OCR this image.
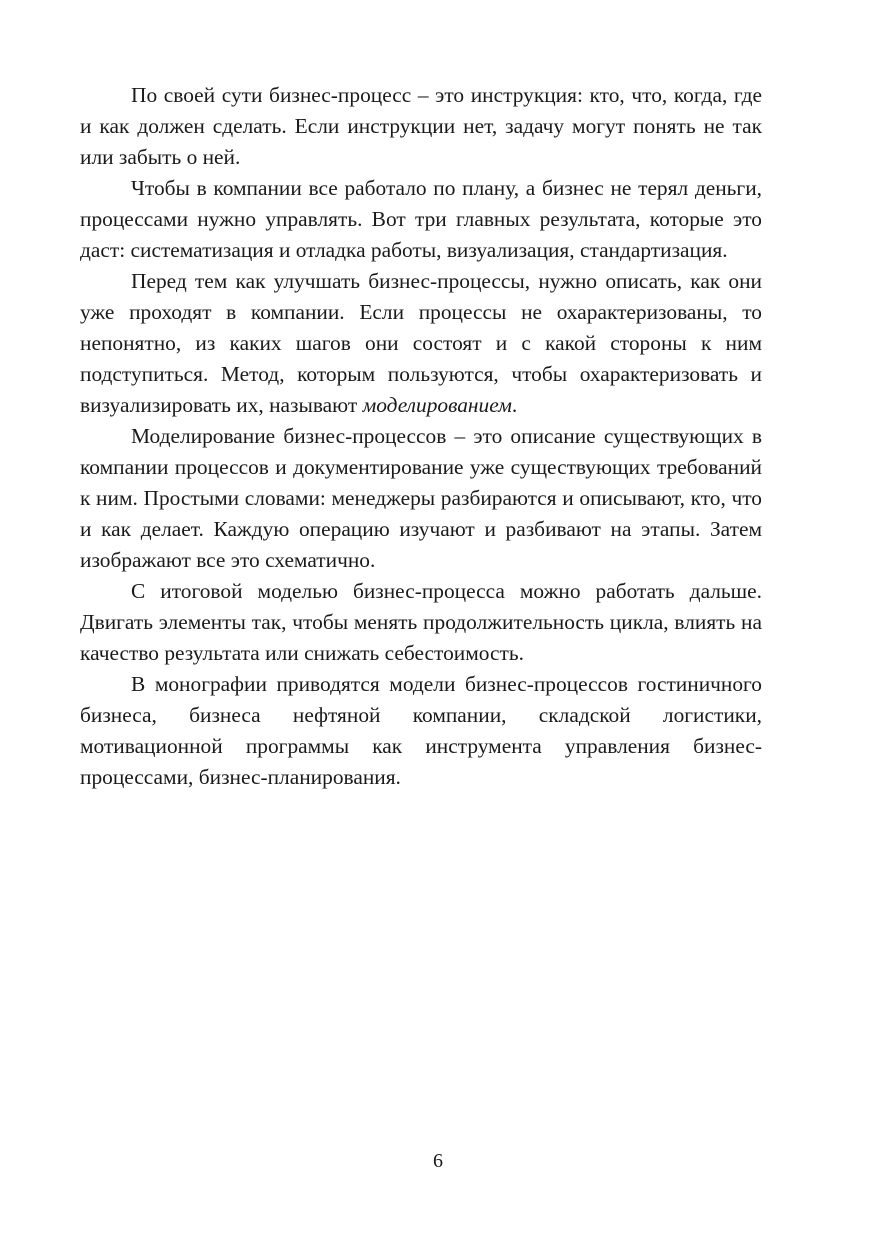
По своей сути бизнес-процесс – это инструкция: кто, что, когда, где и как должен сделать. Если инструкции нет, задачу могут понять не так или забыть о ней.

Чтобы в компании все работало по плану, а бизнес не терял деньги, процессами нужно управлять. Вот три главных результата, которые это даст: систематизация и отладка работы, визуализация, стандартизация.

Перед тем как улучшать бизнес-процессы, нужно описать, как они уже проходят в компании. Если процессы не охарактеризованы, то непонятно, из каких шагов они состоят и с какой стороны к ним подступиться. Метод, которым пользуются, чтобы охарактеризовать и визуализировать их, называют моделированием.

Моделирование бизнес-процессов – это описание существующих в компании процессов и документирование уже существующих требований к ним. Простыми словами: менеджеры разбираются и описывают, кто, что и как делает. Каждую операцию изучают и разбивают на этапы. Затем изображают все это схематично.

С итоговой моделью бизнес-процесса можно работать дальше. Двигать элементы так, чтобы менять продолжительность цикла, влиять на качество результата или снижать себестоимость.

В монографии приводятся модели бизнес-процессов гостиничного бизнеса, бизнеса нефтяной компании, складской логистики, мотивационной программы как инструмента управления бизнес-процессами, бизнес-планирования.

6
